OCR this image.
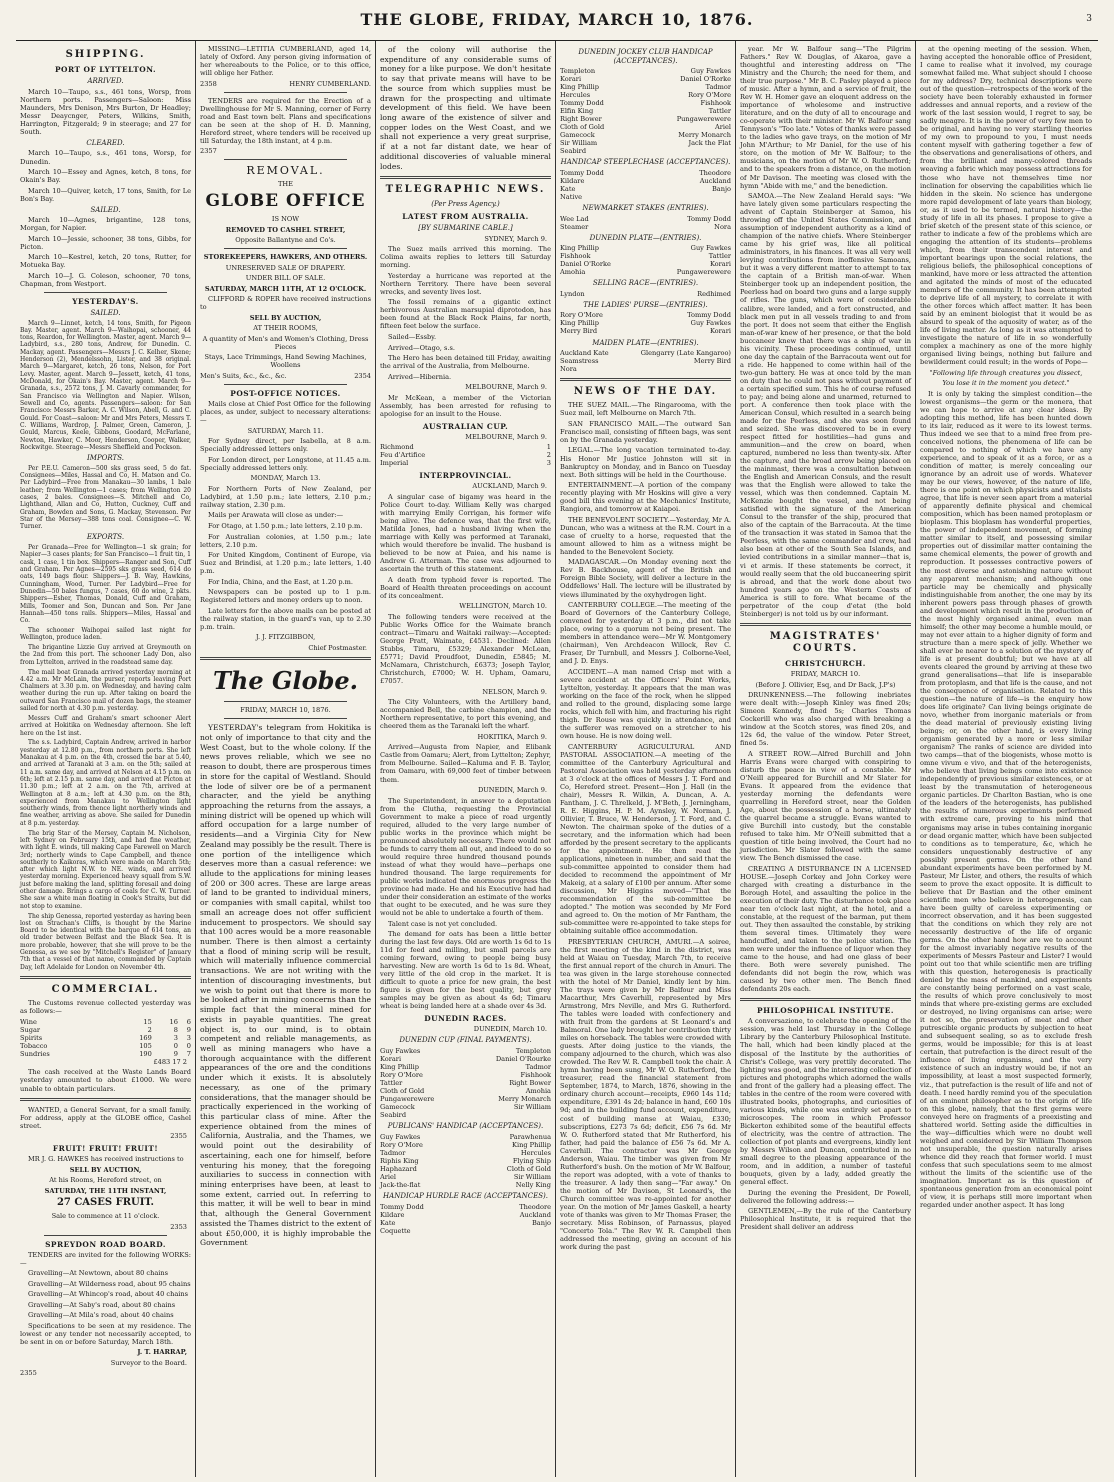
THE GLOBE, FRIDAY, MARCH 10, 1876.	3
SHIPPING.
PORT OF LYTTELTON.
ARRIVED.

March 10—Taupo, s.s., 461 tons, Worsp, from Northern ports. Passengers—Saloon: Miss Maunders, Mrs Denison, Mrs Burton, Dr Headley; Messr Deaycnger, Peters, Wilkins, Smith, Harrington, Fitzgerald; 9 in steerage; and 27 for South.

CLEARED.

March 10—Taupo, s.s., 461 tons, Worsp, for Dunedin.

March 10—Essey and Agnes, ketch, 8 tons, for Okain's Bay.

March 10—Quiver, ketch, 17 tons, Smith, for Le Bon's Bay.

SAILED.

March 10—Agnes, brigantine, 128 tons, Morgan, for Napier.

March 10—Jessie, schooner, 38 tons, Gibbs, for Picton.

March 10—Kestrel, ketch, 20 tons, Rutter, for Motueka Bay.

March 10—J. G. Coleson, schooner, 70 tons, Chapman, from Westport.

YESTERDAY'S.
SAILED.

March 9—Linnet, ketch, 14 tons, Smith, for Pigeon Bay. Master, agent. March 9—Waihopai, schooner, 44 tons, Reardon, for Wellington. Master, agent. March 9—Ladybird, s.s., 280 tons, Andrew, for Dunedin. C. Mackay, agent. Passengers—Messrs J. C. Kelher, Skene; Henderson (2), Mendelssohn, Lister, and 38 original. March 9—Margaret, ketch, 26 tons, Nelson, for Port Levy. Master, agent. March 9—Jessett, ketch, 41 tons, McDonald, for Okain's Bay. Master, agent. March 9—Granada, s.s., 2572 tons, J. M. Cavarly commander, for San Francisco via Wellington and Napier. Wilson, Sewell and Co, agents. Passengers—saloon: for San Francisco: Messrs Barker, A. C. Wilson, Abell, G. and C. Gould. For Coast—saloon: Mr and Mrs Peters, Messrs T. C. Williams, Wardrop, J. Palmer, Green, Cameron, J. Gould, Marcus, Keele, Gibbons, Goodard, McFarlane, Newton, Hawker, C. Moor, Henderson, Cooper, Walker, Rockwitge. Steerage—Messrs Sheffield and Pockson.

IMPORTS.

Per P.E.U. Cameron—500 sks grass seed, 5 do fat. Consignees—Miles, Hassal and Co, H. Matson and Co. Per Ladybird—Free from Manakau—30 lambs, 1 bale leather; from Wellington—1 cases; from Wellington 20 cases, 2 bales. Consignees—S. Mitchell and Co, Lighthand, Allan and Co, Hutton, Cuckney, Cuff and Graham, Bowden and Sons, G. Mackay, Stevenson. Per Star of the Mersey—388 tons coal. Consignee—C. W. Turner.

EXPORTS.

Per Granada—Free for Wellington—1 sk grain; for Napier—3 cases plants; for San Francisco—1 fruit tin, 1 cask, 1 case, 1 tin box. Shippers—Ranger and Son, Cuff and Graham. Per Agnes—2595 sks grass seed, 614 do oats, 149 bags flour. Shippers—J. B. Way, Hawkins, Cunningham, Wood, Turner. Per Ladybird—Free for Dunedin—50 bales fungus, 7 cases, 60 do wine, 2 pkts. Shippers—Esher, Thomas, Donald, Cuff and Graham, Mills, Toomer and Son, Duncan and Son. Per Jane Hannah—450 tons rails. Shippers—Miles, Hassal and Co.

The schooner Waihopai sailed last night for Wellington, produce laden.

The brigantine Lizzie Guy arrived at Greymouth on the 2nd from this port. The schooner Lady Don, also from Lyttelton, arrived in the roadstead same day.

The mail boat Granada arrived yesterday morning at 4.42 a.m. Mr McLain, the purser, reports leaving Port Chalmers at 3.30 p.m. on Wednesday, and having calm weather during the run up. After taking on board the outward San Francisco mail of dozen bags, the steamer sailed for north at 4.30 p.m. yesterday.

Messrs Cuff and Graham's smart schooner Alert arrived at Hokitika on Wednesday afternoon. She left here on the 1st inst.

The s.s. Ladybird, Captain Andrew, arrived in harbor yesterday at 12.80 p.m., from northern ports. She left Manakau at 4 p.m. on the 4th, crossed the bar at 5.40, and arrived at Taranaki at 3 a.m. on the 5th; sailed at 11 a.m. same day, and arrived at Nelson at 4.15 p.m. on 6th; left at 2.15 p.m. same day, and arrived at Picton at 11.30 p.m.; left at 2 a.m. on the 7th, arrived at Wellington at 8 a.m.; left at 4.30 p.m. on the 8th, experienced from Manakau to Wellington light southerly winds, from thence light northerly winds and fine weather, arriving as above. She sailed for Dunedin at 8 p.m. yesterday.

The brig Star of the Mersey, Captain M. Nicholson, left Sydney on February 15th, and had fine weather, with light E. winds, till making Cape Farewell on March 3rd; northerly winds to Cape Campbell, and thence southerly to Kaikoras, which were made on March 5th; after which light N.W. to NE. winds, and arrived yesterday morning. Experienced heavy squall from S.W. just before making the land, splitting foresail and doing other damage. Brings a cargo of coals for C. W. Turner. She saw a white man floating in Cook's Straits, but did not stop to examine.

The ship Genessa, reported yesterday as having been lost on Strachan's Cliffs, is thought by the Marine Board to be identical with the barque of 614 tons, an old trader between Belfast and the Black Sea. It is more probable, however, that she will prove to be the Genessa, as we see by "Mitchell's Register" of January 7th that a vessel of that name, commanded by Captain Day, left Adelaide for London on November 4th.

COMMERCIAL.

The Customs revenue collected yesterday was as follows:—

Wine	15	16	6
Sugar	2	8	9
Spirits	169	3	3
Tobacco	105	0	0
Sundries	190	9	7

£483 17 2

The cash received at the Waste Lands Board yesterday amounted to about £1000. We were unable to obtain particulars.

WANTED, a General Servant, for a small family. For address, apply at the GLOBE office, Cashel street.

2355

FRUIT! FRUIT! FRUIT!

MR J. G. HAWKES has received instructions to

SELL BY AUCTION,

At his Rooms, Hereford street, on

SATURDAY, THE 11TH INSTANT,

27 CASES FRUIT.

Sale to commence at 11 o'clock.

2353

SPREYDON ROAD BOARD.

TENDERS are invited for the following WORKS:—

Gravelling—At Newtown, about 80 chains

Gravelling—At Wilderness road, about 95 chains

Gravelling—At Whincop's road, about 40 chains

Gravelling—At Saby's road, about 80 chains

Gravelling—At Mila's road, about 40 chains

Specifications to be seen at my residence. The lowest or any tender not necessarily accepted, to be sent in on or before Saturday, March 18th.

J. T. HARRAP,

Surveyor to the Board.

2355

MISSING—LETITIA CUMBERLAND, aged 14, lately of Oxford. Any person giving information of her whereabouts to the Police, or to this office, will oblige her Father.

2358	HENRY CUMBERLAND.

TENDERS are required for the Erection of a Dwellinghouse for Mr S. Manning, corner of Ferry road and East town belt. Plans and specifications can be seen at the shop of H. D. Manning, Hereford street, where tenders will be received up till Saturday, the 18th instant, at 4 p.m.

2357

REMOVAL.

THE

GLOBE OFFICE

IS NOW

REMOVED TO CASHEL STREET,

Opposite Ballantyne and Co's.

STOREKEEPERS, HAWKERS, AND OTHERS.

UNRESERVED SALE OF DRAPERY.

UNDER BILL OF SALE.

SATURDAY, MARCH 11TH, AT 12 O'CLOCK.

CLIFFORD & ROPER have received instructions to

SELL BY AUCTION,

AT THEIR ROOMS,

A quantity of Men's and Women's Clothing, Dress Pieces

Stays, Lace Trimmings, Hand Sewing Machines, Woollens

Men's Suits, &c., &c., &c.	2354
POST-OFFICE NOTICES.

Mails close at Chief Post Office for the following places, as under, subject to necessary alterations:—

SATURDAY, March 11.

For Sydney direct, per Isabella, at 8 a.m. Specially addressed letters only.

For London direct, per Longstone, at 11.45 a.m. Specially addressed letters only.

MONDAY, March 13.

For Northern Ports of New Zealand, per Ladybird, at 1.50 p.m.; late letters, 2.10 p.m.; railway station, 2.30 p.m.

Mails per Arawata will close as under:—

For Otago, at 1.50 p.m.; late letters, 2.10 p.m.

For Australian colonies, at 1.50 p.m.; late letters, 2.10 p.m.

For United Kingdom, Continent of Europe, via Suez and Brindisi, at 1.20 p.m.; late letters, 1.40 p.m.

For India, China, and the East, at 1.20 p.m.

Newspapers can be posted up to 1 p.m. Registered letters and money orders up to noon.

Late letters for the above mails can be posted at the railway station, in the guard's van, up to 2.30 p.m. train.

J. J. FITZGIBBON,

Chief Postmaster.

The Globe.

FRIDAY, MARCH 10, 1876.

YESTERDAY's telegram from Hokitika is not only of importance to that city and the West Coast, but to the whole colony. If the news proves reliable, which we see no reason to doubt, there are prosperous times in store for the capital of Westland. Should the lode of silver ore be of a permanent character, and the yield be anything approaching the returns from the assays, a mining district will be opened up which will afford occupation for a large number of residents—and a Virginia City for New Zealand may possibly be the result. There is one portion of the intelligence which deserves more than a casual reference: we allude to the applications for mining leases of 200 or 300 acres. These are large areas of land to be granted to individual miners, or companies with small capital, whilst too small an acreage does not offer sufficient inducement to prospectors. We should say that 100 acres would be a more reasonable number. There is then almost a certainty that a flood of mining scrip will be result, which will materially influence commercial transactions. We are not writing with the intention of discouraging investments, but we wish to point out that there is more to be looked after in mining concerns than the simple fact that the mineral mined for exists in payable quantities. The great object is, to our mind, is to obtain competent and reliable managements, as well as mining managers who have a thorough acquaintance with the different appearances of the ore and the conditions under which it exists. It is absolutely necessary, as one of the primary considerations, that the manager should be practically experienced in the working of this particular class of mine. After the experience obtained from the mines of California, Australia, and the Thames, we would point out the desirability of ascertaining, each one for himself, before venturing his money, that the foregoing auxiliaries to success in connection with mining enterprises have been, at least to some extent, carried out. In referring to this matter, it will be well to bear in mind that, although the General Government assisted the Thames district to the extent of about £50,000, it is highly improbable the Government

of the colony will authorise the expenditure of any considerable sums of money for a like purpose. We don't hesitate to say that private means will have to be the source from which supplies must be drawn for the prospecting and ultimate development of this field. We have been long aware of the existence of silver and copper lodes on the West Coast, and we shall not experience a very great surprise, if at a not far distant date, we hear of additional discoveries of valuable mineral lodes.

TELEGRAPHIC NEWS.
(Per Press Agency.)
LATEST FROM AUSTRALIA.
[BY SUBMARINE CABLE.]

SYDNEY, March 9.

The Suez mails arrived this morning. The Colima awaits replies to letters till Saturday morning.

Yesterday a hurricane was reported at the Northern Territory. There have been several wrecks, and seventy lives lost.

The fossil remains of a gigantic extinct herbivorous Australian marsupial diprotodon, has been found at the Black Rock Plains, far north, fifteen feet below the surface.

Sailed—Essby.

Arrived—Otago, s.s.

The Hero has been detained till Friday, awaiting the arrival of the Australia, from Melbourne.

Arrived—Hibernia.

MELBOURNE, March 9.

Mr McKean, a member of the Victorian Assembly, has been arrested for refusing to apologise for an insult to the House.

AUSTRALIAN CUP.

MELBOURNE, March 9.

Richmond	1
Feu d'Artifice	2
Imperial	3
INTERPROVINCIAL.

AUCKLAND, March 9.

A singular case of bigamy was heard in the Police Court to-day. William Kelly was charged with marrying Emily Corrigan, his former wife being alive. The defence was, that the first wife, Matilda Jones, had a husband living when the marriage with Kelly was performed at Taranaki, which would therefore be invalid. The husband is believed to be now at Paiea, and his name is Andrew G. Atterman. The case was adjourned to ascertain the truth of this statement.

A death from typhoid fever is reported. The Board of Health threaten proceedings on account of its concealment.

WELLINGTON, March 10.

The following tenders were received at the Public Works Office for the Waimate branch contract—Timaru and Waitaki railway:—Accepted: George Pratt, Waimate, £4531. Declined: Allen Stubbs, Timaru, £5329; Alexander McLean, £5771; David Proudfoot, Dunedin, £5845; M. McNamara, Christchurch, £6373; Joseph Taylor, Christchurch, £7000; W. H. Upham, Oamaru, £7057.

NELSON, March 9.

The City Volunteers, with the Artillery band, accompanied Bell, the carbine champion, and the Northern representative, to port this evening, and cheered them as the Taranaki left the wharf.

HOKITIKA, March 9.

Arrived—Augusta from Napier, and Elibank Castle from Oamaru; Alert, from Lyttelton; Zephyr, from Melbourne. Sailed—Kaluma and F. B. Taylor, from Oamaru, with 69,000 feet of timber between them.

DUNEDIN, March 9.

The Superintendent, in answer to a deputation from the Clutha, requesting the Provincial Government to make a piece of road urgently required, alluded to the very large number of public works in the province which might be pronounced absolutely necessary. There would not be funds to carry them all out, and indeed to do so would require three hundred thousand pounds instead of what they would have—perhaps one hundred thousand. The large requirements for public works indicated the enormous progress the province had made. He and his Executive had had under their consideration an estimate of the works that ought to be executed, and he was sure they would not be able to undertake a fourth of them.

Talent case is not yet concluded.

The demand for oats has been a little better during the last few days. Old are worth 1s 6d to 1s 11d for feed and milling, but small parcels are coming forward, owing to people being busy harvesting. New are worth 1s 6d to 1s 8d. Wheat, very little of the old crop in the market. It is difficult to quote a price for new grain, the best figure is given for the best quality, but grey samples may be given as about 4s 6d; Timaru wheat is being landed here at a shade over 4s 3d.

DUNEDIN RACES.

DUNEDIN, March 10.

DUNEDIN CUP (FINAL PAYMENTS).
Guy Fawkes	Templeton
Korari	Daniel O'Rourke
King Phillip	Tadmor
Rory O'More	Fishhook
Tattler	Right Bower
Cloth of Gold	Amohia
Pungawerewere	Merry Monarch
Gamecock	Sir William
Seabird
PUBLICANS' HANDICAP (ACCEPTANCES).
Guy Fawkes	Parawhenua
Rory O'More	King Phillip
Tadmor	Hercules
Riphis King	Flying Ship
Haphazard	Cloth of Gold
Ariel	Sir William
Jack-the-flat	Nelly King
HANDICAP HURDLE RACE (ACCEPTANCES).
Tommy Dodd	Theodore
Kildare	Auckland
Kate	Banjo
Coquette
DUNEDIN JOCKEY CLUB HANDICAP (ACCEPTANCES).
Templeton	Guy Fawkes
Korari	Daniel O'Rorke
King Phillip	Tadmor
Hercules	Rory O'More
Tommy Dodd	Fishhook
Elfin King	Tattler
Right Bower	Pungawerewere
Cloth of Gold	Ariel
Gamecock	Merry Monarch
Sir William	Jack the Flat
Seabird
HANDICAP STEEPLECHASE (ACCEPTANCES).
Tommy Dodd	Theodore
Kildare	Auckland
Kate	Banjo
Native
NEWMARKET STAKES (ENTRIES).
Wee Lad	Tommy Dodd
Steamer	Nora
DUNEDIN PLATE—(ENTRIES).
King Phillip	Guy Fawkes
Fishhook	Tattler
Daniel O'Rorke	Korari
Amohia	Pungawerewere
SELLING RACE—(ENTRIES).
Lyndon	Redhimed
THE LADIES' PURSE—(ENTRIES).
Rory O'More	Tommy Dodd
King Phillip	Guy Fawkes
Merry Bird	Korari
MAIDEN PLATE—(ENTRIES).
Auckland Kate	Glengarry (Late Kangaroo)
Seamstress	Merry Bird
Nora
NEWS OF THE DAY.

THE SUEZ MAIL.—The Ringarooma, with the Suez mail, left Melbourne on March 7th.

SAN FRANCISCO MAIL.—The outward San Francisco mail, consisting of fifteen bags, was sent on by the Granada yesterday.

LEGAL.—The long vacation terminated to-day. His Honor Mr Justice Johnston will sit in Bankruptcy on Monday, and in Banco on Tuesday next. Both sittings will be held in the Courthouse.

ENTERTAINMENT.—A portion of the company recently playing with Mr Hoskins will give a very good bill this evening at the Mechanics' Institute, Rangiora, and tomorrow at Kaiapoi.

THE BENEVOLENT SOCIETY.—Yesterday, Mr A. Duncan, who was a witness at the R.M. Court in a case of cruelty to a horse, requested that the amount allowed to him as a witness might be handed to the Benevolent Society.

MADAGASCAR.—On Monday evening next the Rev B. Backhouse, agent of the British and Foreign Bible Society, will deliver a lecture in the Oddfellows' Hall. The lecture will be illustrated by views illuminated by the oxyhydrogen light.

CANTERBURY COLLEGE.—The meeting of the Board of Governors of the Canterbury College, convened for yesterday at 3 p.m., did not take place, owing to a quorum not being present. The members in attendance were—Mr W. Montgomery (chairman), Ven Archdeacon Willock, Rev C. Fraser, Dr Turnbull, and Messrs J. Colborne-Veel, and J. D. Enys.

ACCIDENT.—A man named Crisp met with a severe accident at the Officers' Point Works, Lyttelton, yesterday. It appears that the man was working on the face of the rock, when he slipped and rolled to the ground, displacing some large rocks, which fell with him, and fracturing his right thigh. Dr Rouse was quickly in attendance, and the sufferer was removed on a stretcher to his own house. He is now doing well.

CANTERBURY AGRICULTURAL AND PASTORAL ASSOCIATION.—A meeting of the committee of the Canterbury Agricultural and Pastoral Association was held yesterday afternoon at 3 o'clock at the offices of Messrs J. T. Ford and Co, Hereford street. Present—Hon J. Hall (in the chair), Messrs R. Wilkin, A. Duncan, A. A. Fantham, J. C. Threlkeld, J. M'Beth, J. Jerningham, R. E. Higgins, H. P. M. Aynsley, W. Norman, J. Ollivier, T. Bruce, W. Henderson, J. T. Ford, and C. Newton. The chairman spoke of the duties of a secretary, and the information which had been afforded by the present secretary to the applicants for the appointment. He then read the applications, nineteen in number, and said that the sub-committee appointed to consider them had decided to recommend the appointment of Mr Makeig, at a salary of £100 per annum. After some discussion, Mr Higgins moved—"That the recommendation of the sub-committee be adopted." The motion was seconded by Mr Ford and agreed to. On the motion of Mr Fantham, the sub-committee were re-appointed to take steps for obtaining suitable office accommodation.

PRESBYTERIAN CHURCH, AMURI.—A soiree, the first meeting of the kind in the district, was held at Waiau on Tuesday, March 7th, to receive the first annual report of the church in Amuri. The tea was given in the large storehouse connected with the hotel of Mr Daniel, kindly lent by him. The trays were given by Mr Balfour and Miss Macarthur, Mrs Caverhill, represented by Mrs Armstrong, Mrs Neville, and Mrs G. Rutherford. The tables were loaded with confectionery and with fruit from the gardens at St Leonard's and Balmoral. One lady brought her contribution thirty miles on horseback. The tables were crowded with guests. After doing justice to the viands, the company adjourned to the church, which was also crowded. The Rev W. R. Campbell took the chair. A hymn having been sung, Mr W. O. Rutherford, the treasurer, read the financial statement from September, 1874, to March, 1876, showing in the ordinary church account—receipts, £960 14s 11d; expenditure, £391 4s 2d; balance in hand, £60 10s 9d; and in the building fund account, expenditure, cost of building manse at Waiau, £330; subscriptions, £273 7s 6d; deficit, £56 7s 6d. Mr W. O. Rutherford stated that Mr Rutherford, his father, had paid the balance of £56 7s 6d. Mr A. Caverhill. The contractor was Mr George Anderson, Waiau. The timber was given from Mr Rutherford's bush. On the motion of Mr W. Balfour, the report was adopted, with a vote of thanks to the treasurer. A lady then sang—"Far away." On the motion of Mr Davison, St Leonard's, the Church committee was re-appointed for another year. On the motion of Mr James Gaskell, a hearty vote of thanks was given to Mr Thomas Fraser, the secretary. Miss Robinson, of Parnassus, played "Concerto Tola." The Rev W. R. Campbell then addressed the meeting, giving an account of his work during the past

year. Mr W. Balfour sang—"The Pilgrim Fathers." Rev W. Douglas, of Akaroa, gave a thoughtful and interesting address on "The Ministry and the Church; the need for them, and their true purpose." Mr B. C. Pasley played a piece of music. After a hymn, and a service of fruit, the Rev W. H. Homer gave an eloquent address on the importance of wholesome and instructive literature, and on the duty of all to encourage and co-operate with their minister. Mr W. Balfour sang Tennyson's "Too late." Votes of thanks were passed to the ladies who gave trays, on the motion of Mr John M'Arthur; to Mr Daniel, for the use of his store, on the motion of Mr W. Balfour; to the musicians, on the motion of Mr W. O. Rutherford; and to the speakers from a distance, on the motion of Mr Davison. The meeting was closed with the hymn "Abide with me," and the benediction.

SAMOA.—The New Zealand Herald says: "We have lately given some particulars respecting the advent of Captain Steinberger at Samoa, his throwing off the United States Commission, and assumption of independent authority as a kind of champion of the native chiefs. Where Steinberger came by his grief was, like all political administrators, in his finances. It was all very well levying contributions from inoffensive Samoans, but it was a very different matter to attempt to tax the captain of a British man-of-war. When Steinberger took up an independent position, the Peerless had on board two guns and a large supply of rifles. The guns, which were of considerable calibre, were landed, and a fort constructed, and black men put in all vessels trading to and from the port. It does not seem that either the English man-of-war knew of her presence, or that the bold buccaneer knew that there was a ship of war in his vicinity. These proceedings continued, until one day the captain of the Barracouta went out for a ride. He happened to come within hail of the two-gun battery. He was at once told by the man on duty that he could not pass without payment of a certain specified sum. This he of course refused to pay; and being alone and unarmed, returned to port. A conference then took place with the American Consul, which resulted in a search being made for the Peerless, and she was soon found and seized. She was discovered to be in every respect fitted for hostilities—had guns and ammunition—and the crew on board, when captured, numbered no less than twenty-six. After the capture, and the broad arrow being placed on the mainmast, there was a consultation between the English and American Consuls, and the result was that the English were allowed to take the vessel, which was then condemned. Captain M. McKenzie bought the vessel, and not being satisfied with the signature of the American Consul to the transfer of the ship, procured that also of the captain of the Barracouta. At the time of the transaction it was stated in Samoa that the Peerless, with the same commander and crew, had also been at other of the South Sea Islands, and levied contributions in a similar manner—that is, vi et armis. If these statements be correct, it would really seem that the old buccaneering spirit is abroad, and that the work done about two hundred years ago on the Western Coasts of America is still to fore. What became of the perpetrator of the coup d'etat (the bold Steinberger) is not told us by our informant.

MAGISTRATES' COURTS.
CHRISTCHURCH.

FRIDAY, MARCH 10.

(Before J. Ollivier, Esq, and Dr Back, J.P's)

DRUNKENNESS.—The following inebriates were dealt with:—Joseph Kinley was fined 20s; Simeon Kennedy, fined 5s; Charles Thomas Cockerill who was also charged with breaking a window at the Scotch stores, was fined 20s, and 12s 6d, the value of the window. Peter Street, fined 5s.

A STREET ROW.—Alfred Burchill and John Harris Evans were charged with conspiring to disturb the peace in view of a constable. Mr O'Neill appeared for Burchill and Mr Slater for Evans. It appeared from the evidence that yesterday morning the defendants were quarrelling in Hereford street, near the Golden Age, about the possession of a horse, ultimately the quarrel became a struggle. Evans wanted to give Burchill into custody, but the constable refused to take him. Mr O'Neill submitted that a question of title being involved, the Court had no jurisdiction. Mr Slater followed with the same view. The Bench dismissed the case.

CREATING A DISTURBANCE IN A LICENSED HOUSE.—Joseph Corkey and John Corkey were charged with creating a disturbance in the Borough Hotel, and assaulting the police in the execution of their duty. The disturbance took place near ten o'clock last night, at the hotel, and a constable, at the request of the barman, put them out. They then assaulted the constable, by striking them several times. Ultimately they were handcuffed, and taken to the police station. The men were under the influence of liquor when they came to the house, and had one glass of beer there. Both were severely punished. The defendants did not begin the row, which was caused by two other men. The Bench fined defendants 20s each.

PHILOSOPHICAL INSTITUTE.

A conversazione, to celebrate the opening of the session, was held last Thursday in the College Library by the Canterbury Philosophical Institute. The hall, which had been kindly placed at the disposal of the Institute by the authorities of Christ's College, was very prettily decorated. The lighting was good, and the interesting collection of pictures and photographs which adorned the walls and front of the gallery had a pleasing effect. The tables in the centre of the room were covered with illustrated books, photographs, and curiosities of various kinds, while one was entirely set apart to microscopes. The room in which Professor Bickerton exhibited some of the beautiful effects of electricity, was the centre of attraction. The collection of pot plants and evergreens, kindly lent by Messrs Wilson and Duncan, contributed in no small degree to the pleasing appearance of the room, and in addition, a number of tasteful bouquets, given by a lady, added greatly the general effect.

During the evening the President, Dr Powell, delivered the following address:—

GENTLEMEN,—By the rule of the Canterbury Philosophical Institute, it is required that the President shall deliver an address

at the opening meeting of the session. When, having accepted the honorable office of President, I came to realise what it involved, my courage somewhat failed me. What subject should I choose for my address? Dry, technical descriptions were out of the question—retrospects of the work of the society have been tolerably exhausted in former addresses and annual reports, and a review of the work of the last session would, I regret to say, be sadly meagre. It is in the power of very few men to be original, and having no very startling theories of my own to propound to you, I must needs content myself with gathering together a few of the observations and generalisations of others, and from the brilliant and many-colored threads weaving a fabric which may possess attractions for those who have not themselves time nor inclination for observing the capabilities which lie hidden in the skein. No science has undergone more rapid development of late years than biology, or, as it used to be termed, natural history—the study of life in all its phases. I propose to give a brief sketch of the present state of this science, or rather to indicate a few of the problems which are engaging the attention of its students—problems which, from their transcendent interest and important bearings upon the social relations, the religious beliefs, the philosophical conceptions of mankind, have more or less attracted the attention and agitated the minds of most of the educated members of the community. It has been attempted to deprive life of all mystery, to correlate it with the other forces which affect matter. It has been said by an eminent biologist that it would be as absurd to speak of the aquosity of water, as of the life of living matter. As long as it was attempted to investigate the nature of life in so wonderfully complex a machinery as one of the more highly organised living beings, nothing but failure and bewilderment could result; in the words of Pope—

"Following life through creatures you dissect,

You lose it in the moment you detect."

It is only by taking the simplest condition—the lowest organisms—the germ or the monera, that we can hope to arrive at any clear ideas. By adopting this method, life has been hunted down to its lair, reduced as it were to its lowest terms. Thus indeed we see that to a mind free from pre-conceived notions, the phenomena of life can be compared to nothing of which we have any experience, and to speak of it as a force, or as a condition of matter, is merely concealing our ignorance by an adroit use of words. Whatever may be our views, however, of the nature of life, there is one point on which physicists and vitalists agree, that life is never seen apart from a material of apparently definite physical and chemical composition, which has been named protoplasm or bioplasm. This bioplasm has wonderful properties, the power of independent movement, of forming matter similar to itself, and possessing similar properties out of dissimilar matter containing the same chemical elements, the power of growth and reproduction. It possesses contractive powers of the most diverse and astonishing nature without any apparent mechanism; and although one particle may be chemically and physically indistinguishable from another, the one may by its inherent powers pass through phases of growth and development which result in the production of the most highly organised animal, even man himself; the other may become a humble mould, or may not ever attain to a higher dignity of form and structure than a mere speck of jelly. Whether we shall ever be nearer to a solution of the mystery of life is at present doubtful; but we have at all events cleared the ground by arriving at these two grand generalisations—that life is inseparable from protoplasm, and that life is the cause, and not the consequence of organisation. Related to this question—the nature of life—is the enquiry how does life originate? Can living beings originate de novo, whether from inorganic materials or from the dead material of previously existing living beings; or, on the other hand, is every living organism generated by a more or less similar organism? The ranks of science are divided into two camps—that of the biogenists, whose motto is omne vivum e vivo, and that of the heterogenists, who believe that living beings come into existence independently of previous similar existences, or at least by the transmutation of heterogeneous organic particles. Dr Charlton Bastian, who is one of the leaders of the heterogenists, has published the results of numerous experiments performed with extreme care, proving to his mind that organisms may arise in tubes containing inorganic or dead organic matter, which have been subjected to conditions as to temperature, &c, which he considers unquestionably destructive of any possibly present germs. On the other hand abundant experiments have been performed by M. Pasteur, Mr Lister, and others, the results of which seem to prove the exact opposite. It is difficult to believe that Dr Bastian and the other eminent scientific men who believe in heterogenesis, can have been guilty of careless experimenting or incorrect observation, and it has been suggested that the conditions on which they rely are not necessarily destructive of the life of organic germs. On the other hand how are we to account for the almost invariably negative results of the experiments of Messrs Pasteur and Lister? I would point out too that while scientific men are trifling with this question, heterogenesis is practically denied by the mass of mankind, and experiments are constantly being performed on a vast scale, the results of which prove conclusively to most minds that where pre-existing germs are excluded or destroyed, no living organisms can arise; were it not so, the preservation of meat and other putrescible organic products by subjection to heat and subsequent sealing, so as to exclude fresh germs, would be impossible; for this is at least certain, that putrefaction is the direct result of the influence of living organisms, and the very existence of such an industry would be, if not an impossibility, at least a most suspected formerly, viz., that putrefaction is the result of life and not of death. I need hardly remind you of the speculation of an eminent philosopher as to the origin of life on this globe, namely, that the first germs were conveyed here on fragments of a preexisting and shattered world. Setting aside the difficulties in the way—difficulties which were no doubt well weighed and considered by Sir William Thompson not unsuperable, the question naturally arises whence did they reach that former world. I must confess that such speculations seem to me almost without the limits of the scientific use of the imagination. Important as is this question of spontaneous generation from an economical point of view, it is perhaps still more important when regarded under another aspect. It has long
